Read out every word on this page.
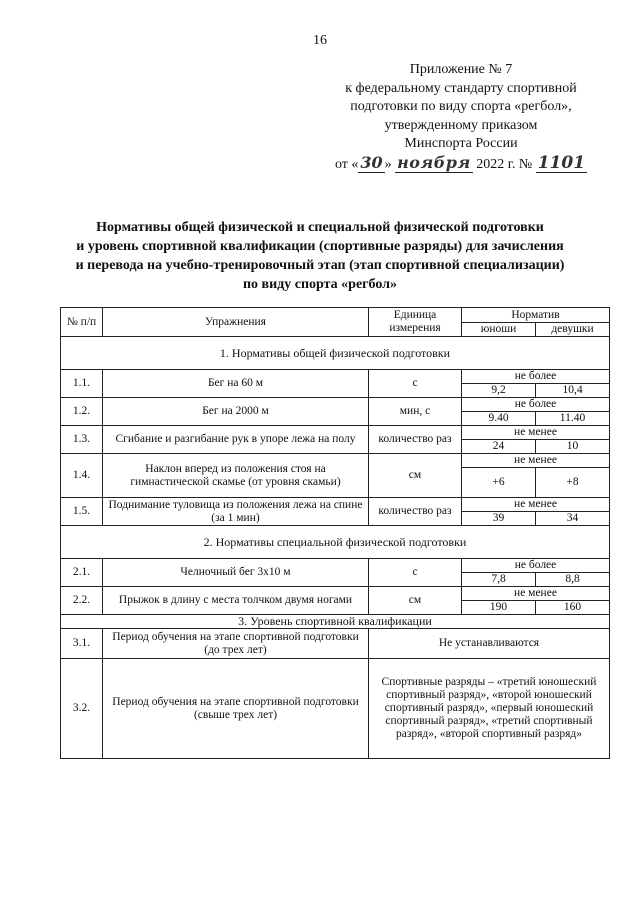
16
Приложение № 7
к федеральному стандарту спортивной
подготовки по виду спорта «регбол»,
утвержденному приказом
Минспорта России
от « 30 » ноября 2022 г. № 1101
Нормативы общей физической и специальной физической подготовки
и уровень спортивной квалификации (спортивные разряды) для зачисления
и перевода на учебно-тренировочный этап (этап спортивной специализации)
по виду спорта «регбол»
№ п/п	Упражнения	Единица измерения	Норматив	
			юноши	девушки
1. Нормативы общей физической подготовки				
1.1.	Бег на 60 м	с	не более	
			9,2	10,4
1.2.	Бег на 2000 м	мин, с	не более	
			9.40	11.40
1.3.	Сгибание и разгибание рук в упоре лежа на полу	количество раз	не менее	
			24	10
1.4.	Наклон вперед из положения стоя на гимнастической скамье (от уровня скамьи)	см	не менее	
			+6	+8
1.5.	Поднимание туловища из положения лежа на спине (за 1 мин)	количество раз	не менее	
			39	34
2. Нормативы специальной физической подготовки				
2.1.	Челночный бег 3х10 м	с	не более	
			7,8	8,8
2.2.	Прыжок в длину с места толчком двумя ногами	см	не менее	
			190	160
3. Уровень спортивной квалификации				
3.1.	Период обучения на этапе спортивной подготовки (до трех лет)	Не устанавливаются		
3.2.	Период обучения на этапе спортивной подготовки (свыше трех лет)	Спортивные разряды – «третий юношеский спортивный разряд», «второй юношеский спортивный разряд», «первый юношеский спортивный разряд», «третий спортивный разряд», «второй спортивный разряд»		
